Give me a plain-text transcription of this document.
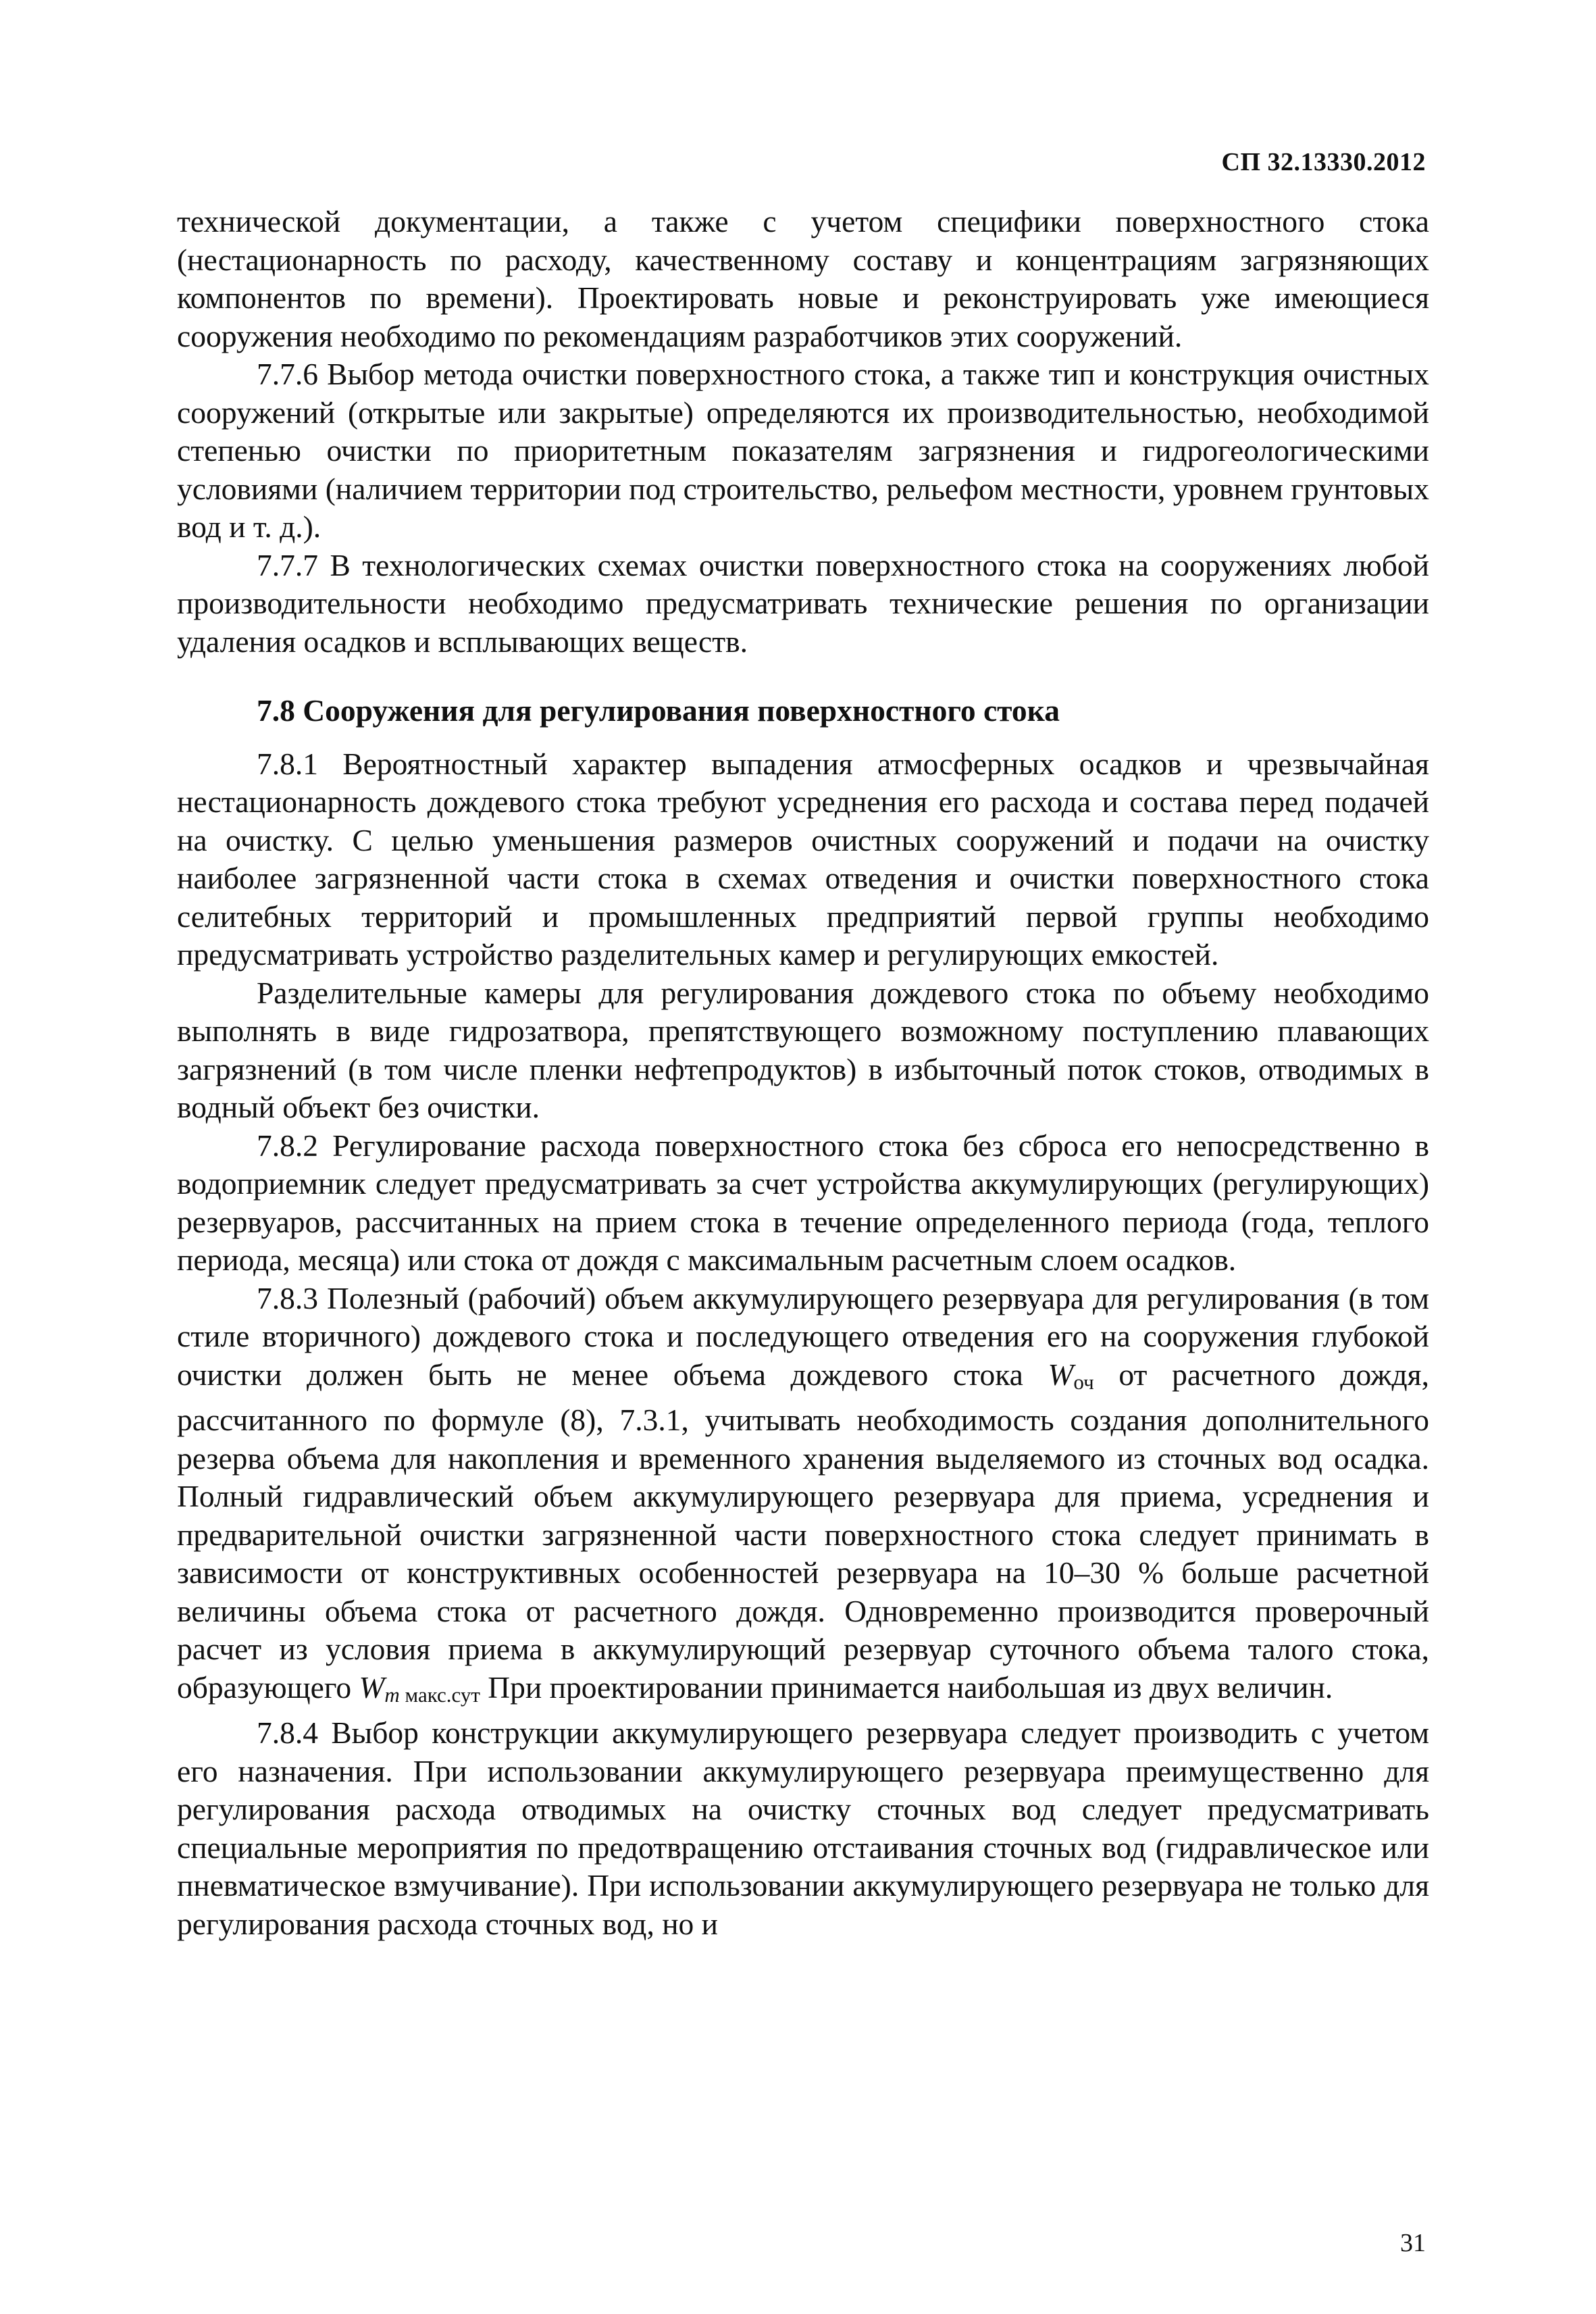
СП 32.13330.2012

технической документации, а также с учетом специфики поверхностного стока (нестационарность по расходу, качественному составу и концентрациям загрязняющих компонентов по времени). Проектировать новые и реконструировать уже имеющиеся сооружения необходимо по рекомендациям разработчиков этих сооружений.

7.7.6 Выбор метода очистки поверхностного стока, а также тип и конструкция очистных сооружений (открытые или закрытые) определяются их производительностью, необходимой степенью очистки по приоритетным показателям загрязнения и гидрогеологическими условиями (наличием территории под строительство, рельефом местности, уровнем грунтовых вод и т. д.).

7.7.7 В технологических схемах очистки поверхностного стока на сооружениях любой производительности необходимо предусматривать технические решения по организации удаления осадков и всплывающих веществ.

7.8 Сооружения для регулирования поверхностного стока

7.8.1 Вероятностный характер выпадения атмосферных осадков и чрезвычайная нестационарность дождевого стока требуют усреднения его расхода и состава перед подачей на очистку. С целью уменьшения размеров очистных сооружений и подачи на очистку наиболее загрязненной части стока в схемах отведения и очистки поверхностного стока селитебных территорий и промышленных предприятий первой группы необходимо предусматривать устройство разделительных камер и регулирующих емкостей.

Разделительные камеры для регулирования дождевого стока по объему необходимо выполнять в виде гидрозатвора, препятствующего возможному поступлению плавающих загрязнений (в том числе пленки нефтепродуктов) в избыточный поток стоков, отводимых в водный объект без очистки.

7.8.2 Регулирование расхода поверхностного стока без сброса его непосредственно в водоприемник следует предусматривать за счет устройства аккумулирующих (регулирующих) резервуаров, рассчитанных на прием стока в течение определенного периода (года, теплого периода, месяца) или стока от дождя с максимальным расчетным слоем осадков.

7.8.3 Полезный (рабочий) объем аккумулирующего резервуара для регулирования (в том стиле вторичного) дождевого стока и последующего отведения его на сооружения глубокой очистки должен быть не менее объема дождевого стока Wоч от расчетного дождя, рассчитанного по формуле (8), 7.3.1, учитывать необходимость создания дополнительного резерва объема для накопления и временного хранения выделяемого из сточных вод осадка. Полный гидравлический объем аккумулирующего резервуара для приема, усреднения и предварительной очистки загрязненной части поверхностного стока следует принимать в зависимости от конструктивных особенностей резервуара на 10–30 % больше расчетной величины объема стока от расчетного дождя. Одновременно производится проверочный расчет из условия приема в аккумулирующий резервуар суточного объема талого стока, образующего Wm макс.сут При проектировании принимается наибольшая из двух величин.

7.8.4 Выбор конструкции аккумулирующего резервуара следует производить с учетом его назначения. При использовании аккумулирующего резервуара преимущественно для регулирования расхода отводимых на очистку сточных вод следует предусматривать специальные мероприятия по предотвращению отстаивания сточных вод (гидравлическое или пневматическое взмучивание). При использовании аккумулирующего резервуара не только для регулирования расхода сточных вод, но и

31
